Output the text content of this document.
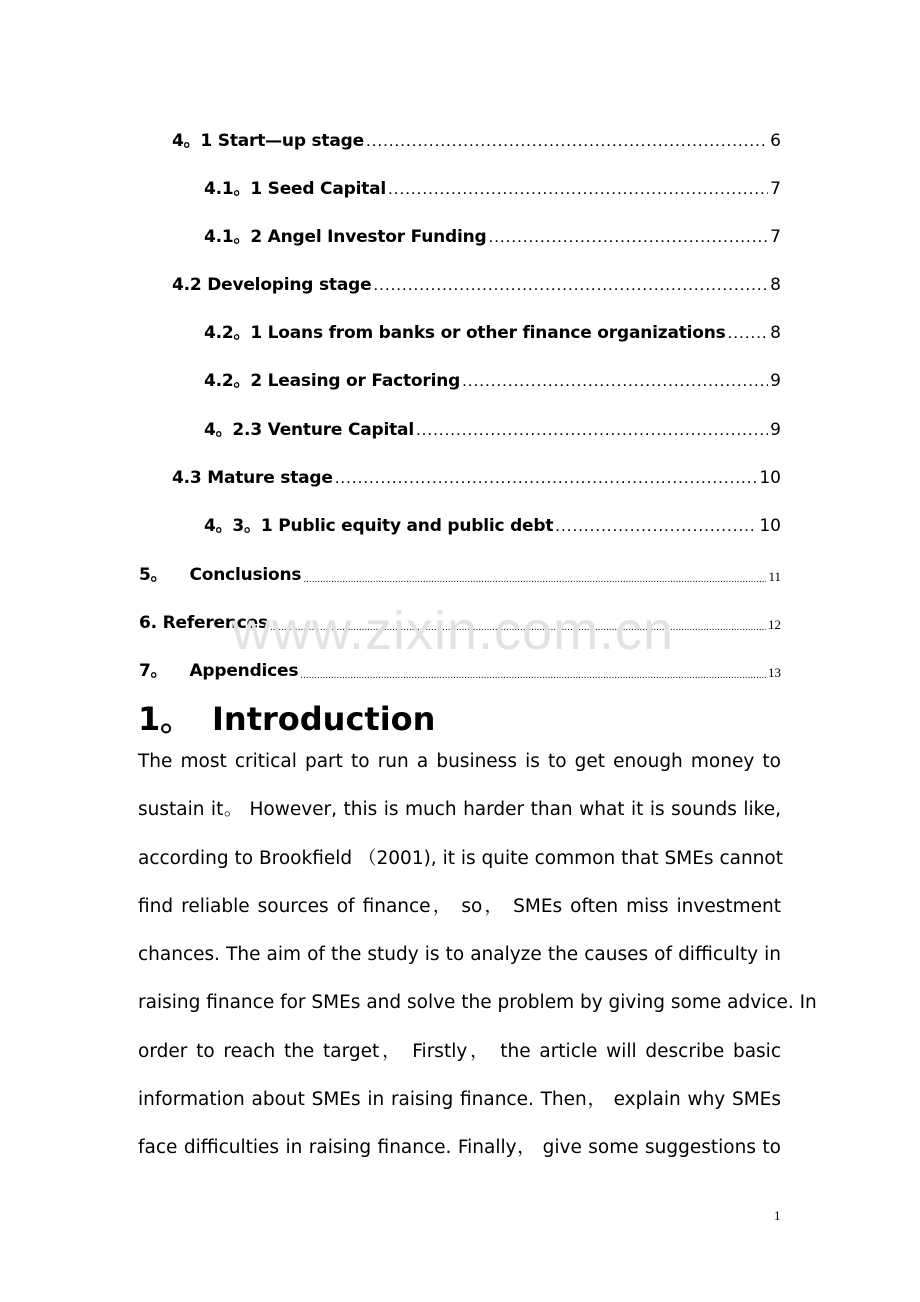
4。1 Start—up stage .....	6
4.1。1 Seed Capital .....	7
4.1。2 Angel Investor Funding .....	7
4.2 Developing stage .....	8
4.2。1 Loans from banks or other finance organizations .....	8
4.2。2 Leasing or Factoring .....	9
4。2.3 Venture Capital .....	9
4.3 Mature stage .....	10
4。3。1 Public equity and public debt .....	10
5。 Conclusions .....	11
6. References .....	12
7。 Appendices .....	13
www.zixin.com.cn
1。 Introduction
The most critical part to run a business is to get enough money to
sustain it。 However, this is much harder than what it is sounds like,
according to Brookfield （2001), it is quite common that SMEs cannot
find reliable sources of finance， so， SMEs often miss investment
chances. The aim of the study is to analyze the causes of difficulty in
raising finance for SMEs and solve the problem by giving some advice. In
order to reach the target， Firstly， the article will describe basic
information about SMEs in raising finance. Then， explain why SMEs
face difficulties in raising finance. Finally， give some suggestions to
1
